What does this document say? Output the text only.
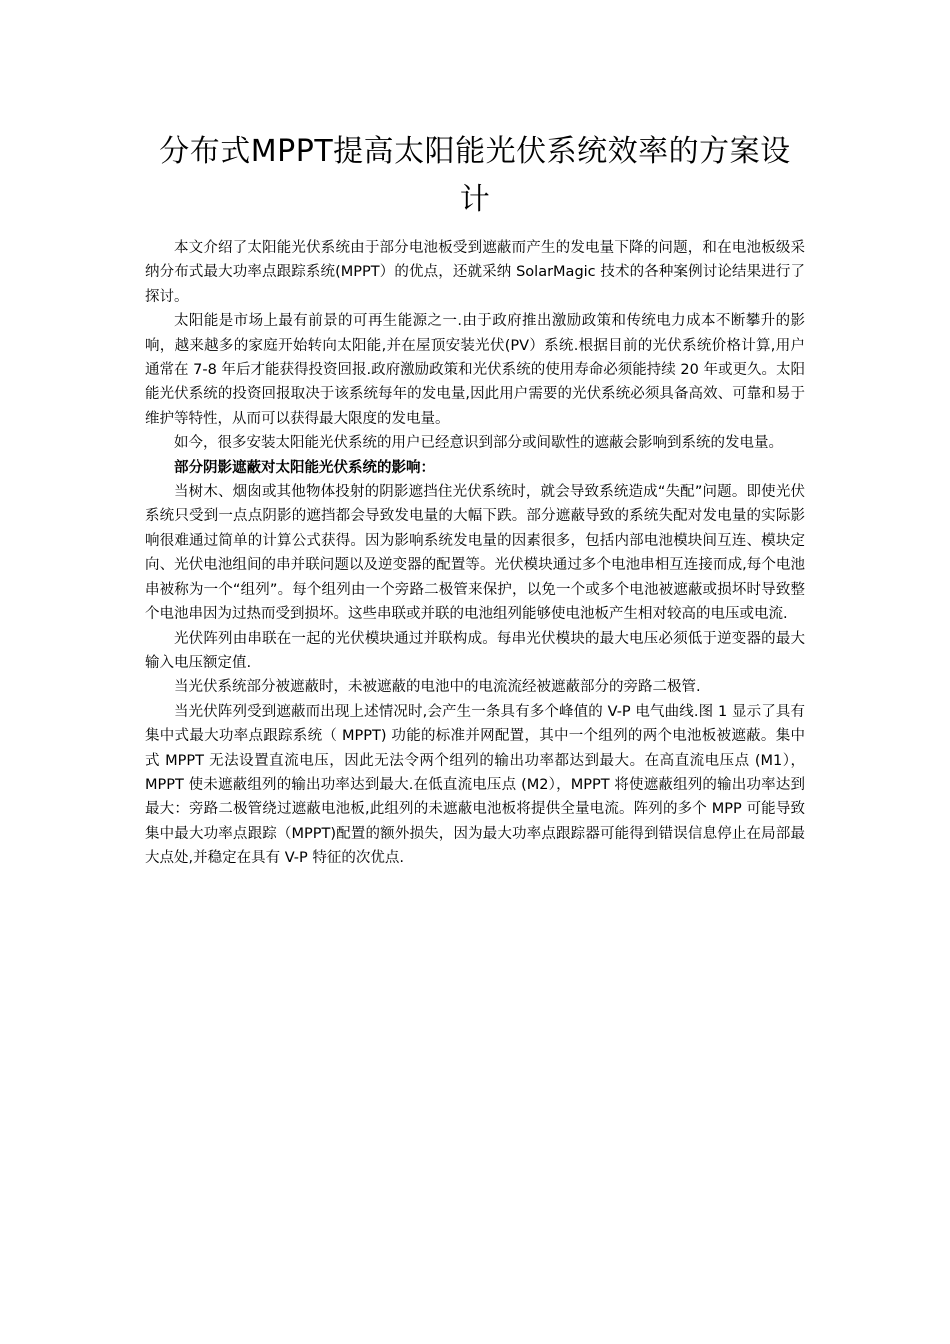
分布式MPPT提高太阳能光伏系统效率的方案设计

本文介绍了太阳能光伏系统由于部分电池板受到遮蔽而产生的发电量下降的问题，和在电池板级采纳分布式最大功率点跟踪系统(MPPT）的优点，还就采纳 SolarMagic 技术的各种案例讨论结果进行了探讨。

太阳能是市场上最有前景的可再生能源之一.由于政府推出激励政策和传统电力成本不断攀升的影响，越来越多的家庭开始转向太阳能,并在屋顶安装光伏(PV）系统.根据目前的光伏系统价格计算,用户通常在 7-8 年后才能获得投资回报.政府激励政策和光伏系统的使用寿命必须能持续 20 年或更久。太阳能光伏系统的投资回报取决于该系统每年的发电量,因此用户需要的光伏系统必须具备高效、可靠和易于维护等特性，从而可以获得最大限度的发电量。

如今，很多安装太阳能光伏系统的用户已经意识到部分或间歇性的遮蔽会影响到系统的发电量。

部分阴影遮蔽对太阳能光伏系统的影响：

当树木、烟囱或其他物体投射的阴影遮挡住光伏系统时，就会导致系统造成“失配”问题。即使光伏系统只受到一点点阴影的遮挡都会导致发电量的大幅下跌。部分遮蔽导致的系统失配对发电量的实际影响很难通过简单的计算公式获得。因为影响系统发电量的因素很多，包括内部电池模块间互连、模块定向、光伏电池组间的串并联问题以及逆变器的配置等。光伏模块通过多个电池串相互连接而成,每个电池串被称为一个“组列”。每个组列由一个旁路二极管来保护，以免一个或多个电池被遮蔽或损坏时导致整个电池串因为过热而受到损坏。这些串联或并联的电池组列能够使电池板产生相对较高的电压或电流.

光伏阵列由串联在一起的光伏模块通过并联构成。每串光伏模块的最大电压必须低于逆变器的最大输入电压额定值.

当光伏系统部分被遮蔽时，未被遮蔽的电池中的电流流经被遮蔽部分的旁路二极管.

当光伏阵列受到遮蔽而出现上述情况时,会产生一条具有多个峰值的 V-P 电气曲线.图 1 显示了具有集中式最大功率点跟踪系统（ MPPT) 功能的标准并网配置，其中一个组列的两个电池板被遮蔽。集中式 MPPT 无法设置直流电压，因此无法令两个组列的输出功率都达到最大。在高直流电压点 (M1），MPPT 使未遮蔽组列的输出功率达到最大.在低直流电压点 (M2），MPPT 将使遮蔽组列的输出功率达到最大：旁路二极管绕过遮蔽电池板,此组列的未遮蔽电池板将提供全量电流。阵列的多个 MPP 可能导致集中最大功率点跟踪（MPPT)配置的额外损失，因为最大功率点跟踪器可能得到错误信息停止在局部最大点处,并稳定在具有 V-P 特征的次优点.
